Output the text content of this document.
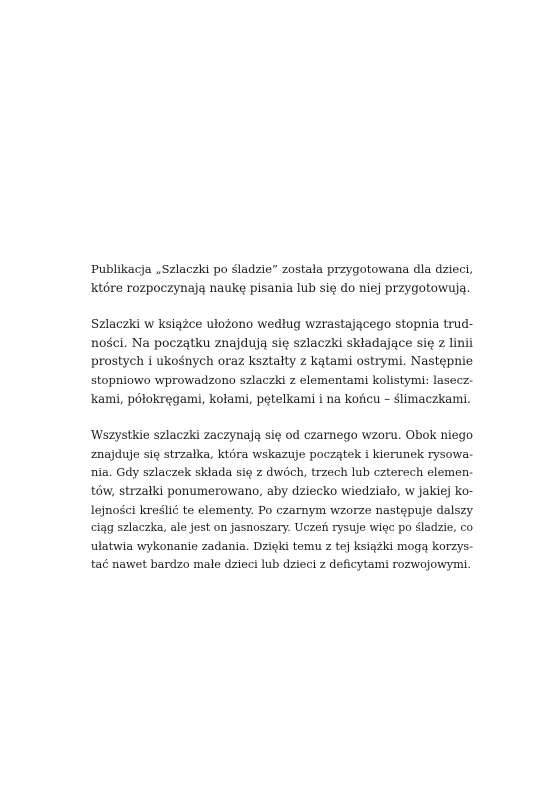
Publikacja „Szlaczki po śladzie” została przygotowana dla dzieci,
które rozpoczynają naukę pisania lub się do niej przygotowują.

Szlaczki w książce ułożono według wzrastającego stopnia trud-
ności. Na początku znajdują się szlaczki składające się z linii
prostych i ukośnych oraz kształty z kątami ostrymi. Następnie
stopniowo wprowadzono szlaczki z elementami kolistymi: lasecz-
kami, półokręgami, kołami, pętelkami i na końcu – ślimaczkami.

Wszystkie szlaczki zaczynają się od czarnego wzoru. Obok niego
znajduje się strzałka, która wskazuje początek i kierunek rysowa-
nia. Gdy szlaczek składa się z dwóch, trzech lub czterech elemen-
tów, strzałki ponumerowano, aby dziecko wiedziało, w jakiej ko-
lejności kreślić te elementy. Po czarnym wzorze następuje dalszy
ciąg szlaczka, ale jest on jasnoszary. Uczeń rysuje więc po śladzie, co
ułatwia wykonanie zadania. Dzięki temu z tej książki mogą korzys-
tać nawet bardzo małe dzieci lub dzieci z deficytami rozwojowymi.
